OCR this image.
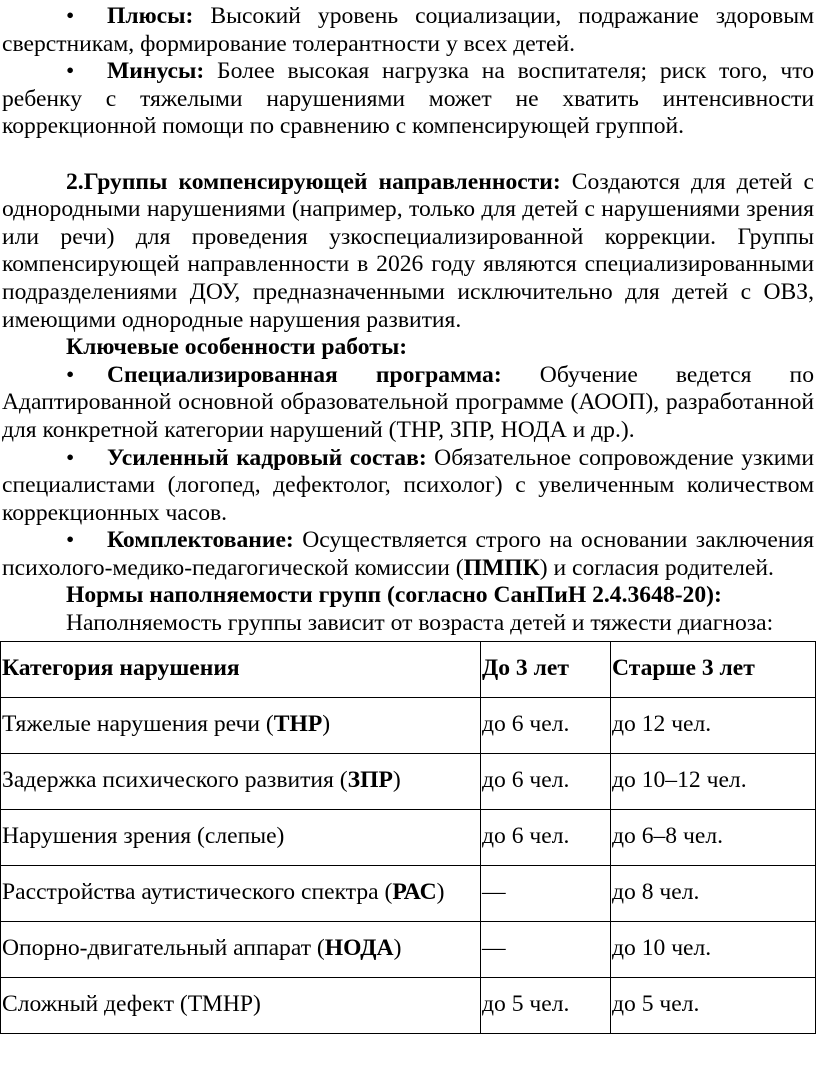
• Плюсы: Высокий уровень социализации, подражание здоровым сверстникам, формирование толерантности у всех детей.

• Минусы: Более высокая нагрузка на воспитателя; риск того, что ребенку с тяжелыми нарушениями может не хватить интенсивности коррекционной помощи по сравнению с компенсирующей группой.

2.Группы компенсирующей направленности: Создаются для детей с однородными нарушениями (например, только для детей с нарушениями зрения или речи) для проведения узкоспециализированной коррекции. Группы компенсирующей направленности в 2026 году являются специализированными подразделениями ДОУ, предназначенными исключительно для детей с ОВЗ, имеющими однородные нарушения развития.

Ключевые особенности работы:

• Специализированная программа: Обучение ведется по Адаптированной основной образовательной программе (АООП), разработанной для конкретной категории нарушений (ТНР, ЗПР, НОДА и др.).

• Усиленный кадровый состав: Обязательное сопровождение узкими специалистами (логопед, дефектолог, психолог) с увеличенным количеством коррекционных часов.

• Комплектование: Осуществляется строго на основании заключения психолого-медико-педагогической комиссии (ПМПК) и согласия родителей.

Нормы наполняемости групп (согласно СанПиН 2.4.3648-20):

Наполняемость группы зависит от возраста детей и тяжести диагноза:

Категория нарушения	До 3 лет	Старше 3 лет
Тяжелые нарушения речи (ТНР)	до 6 чел.	до 12 чел.
Задержка психического развития (ЗПР)	до 6 чел.	до 10–12 чел.
Нарушения зрения (слепые)	до 6 чел.	до 6–8 чел.
Расстройства аутистического спектра (РАС)	—	до 8 чел.
Опорно-двигательный аппарат (НОДА)	—	до 10 чел.
Сложный дефект (ТМНР)	до 5 чел.	до 5 чел.
